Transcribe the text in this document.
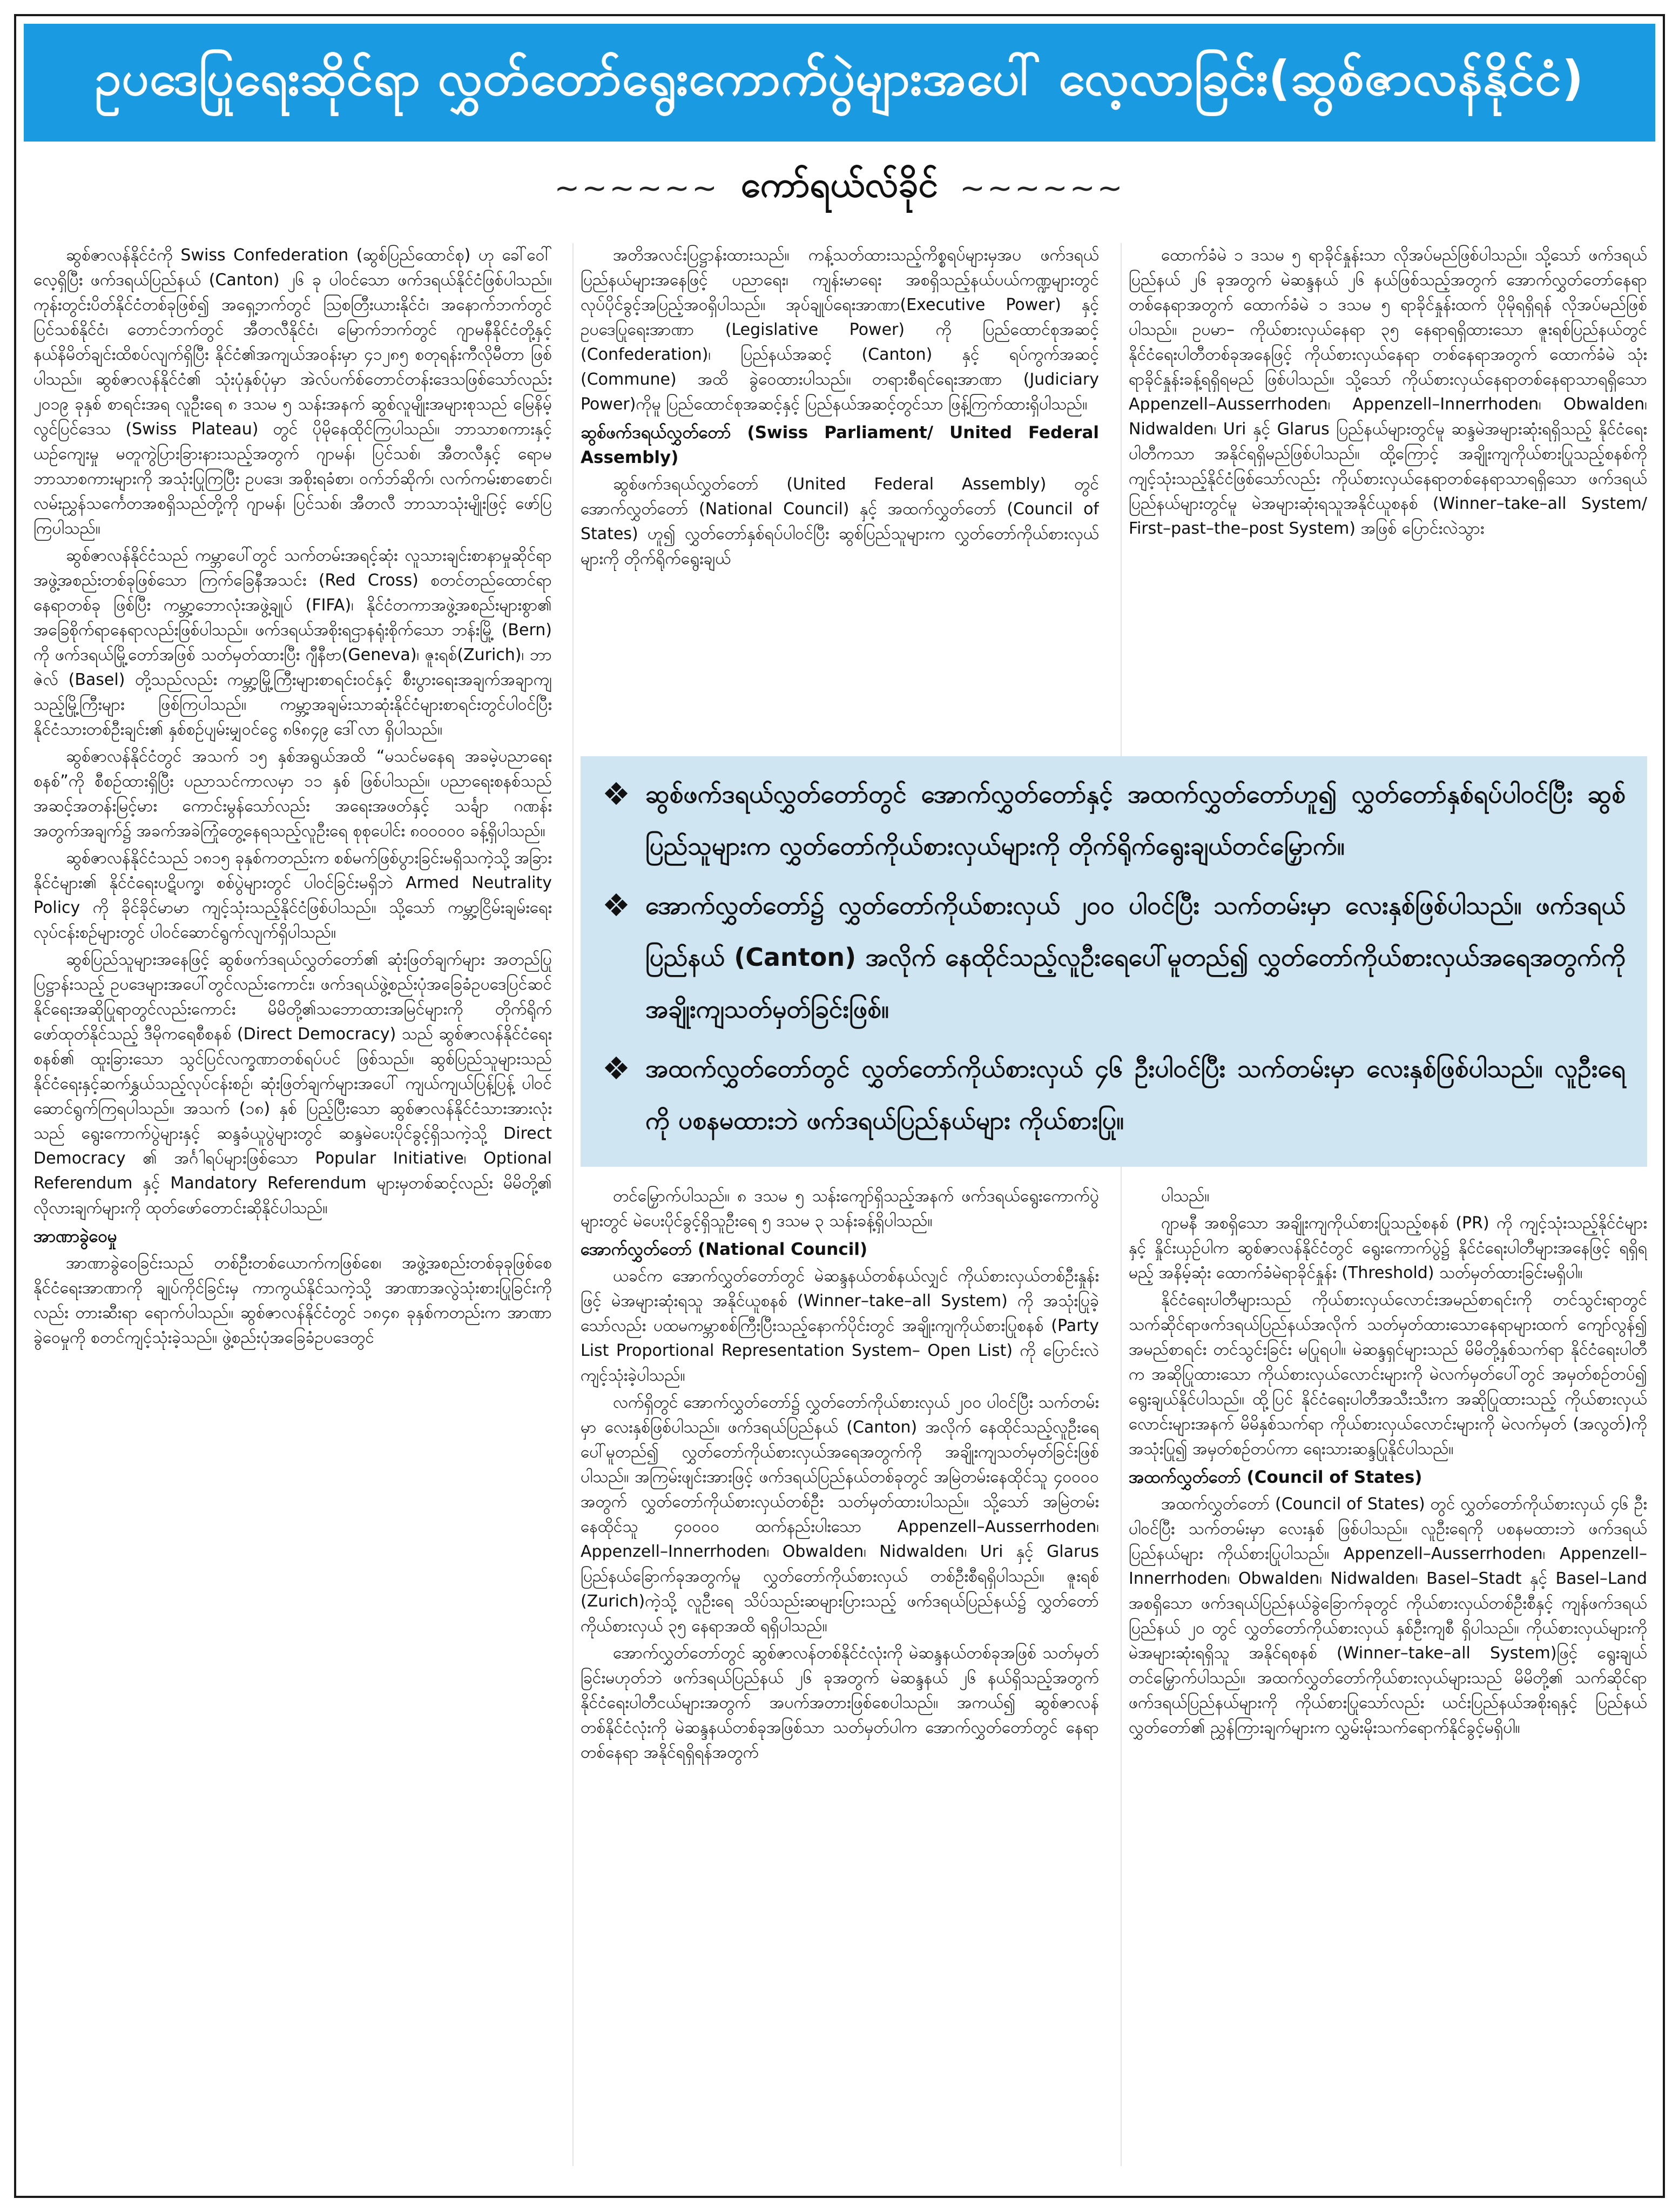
ဥပဒေပြုရေးဆိုင်ရာ လွှတ်တော်ရွေးကောက်ပွဲများအပေါ် လေ့လာခြင်း(ဆွစ်ဇာလန်နိုင်ငံ)
~~~~~~ ကော်ရယ်လ်ခိုင် ~~~~~~

ဆွစ်ဇာလန်နိုင်ငံကို Swiss Confederation (ဆွစ်ပြည်ထောင်စု) ဟု ခေါ်ဝေါ်လေ့ရှိပြီး ဖက်ဒရယ်ပြည်နယ် (Canton) ၂၆ ခု ပါဝင်သော ဖက်ဒရယ်နိုင်ငံဖြစ်ပါသည်။ ကုန်းတွင်းပိတ်နိုင်ငံတစ်ခုဖြစ်၍ အရှေ့ဘက်တွင် ဩစတြီးယားနိုင်ငံ၊ အနောက်ဘက်တွင် ပြင်သစ်နိုင်ငံ၊ တောင်ဘက်တွင် အီတလီနိုင်ငံ၊ မြောက်ဘက်တွင် ဂျာမနီနိုင်ငံတို့နှင့် နယ်နိမိတ်ချင်းထိစပ်လျက်ရှိပြီး နိုင်ငံ၏အကျယ်အဝန်းမှာ ၄၁၂၈၅ စတုရန်းကီလိုမီတာ ဖြစ်ပါသည်။ ဆွစ်ဇာလန်နိုင်ငံ၏ သုံးပုံနှစ်ပုံမှာ အဲလ်ပက်စ်တောင်တန်းဒေသဖြစ်သော်လည်း ၂၀၁၉ ခုနှစ် စာရင်းအရ လူဦးရေ ၈ ဒသမ ၅ သန်းအနက် ဆွစ်လူမျိုးအများစုသည် မြေနိမ့် လွင်ပြင်ဒေသ (Swiss Plateau) တွင် ပိုမိုနေထိုင်ကြပါသည်။ ဘာသာစကားနှင့်ယဉ်ကျေးမှု မတူကွဲပြားခြားနားသည့်အတွက် ဂျာမန်၊ ပြင်သစ်၊ အီတလီနှင့် ရောမဘာသာစကားများကို အသုံးပြုကြပြီး ဥပဒေ၊ အစိုးရခံစာ၊ ဝက်ဘ်ဆိုက်၊ လက်ကမ်းစာစောင်၊ လမ်းညွှန်သင်္ကေတအစရှိသည်တို့ကို ဂျာမန်၊ ပြင်သစ်၊ အီတလီ ဘာသာသုံးမျိုးဖြင့် ဖော်ပြကြပါသည်။

ဆွစ်ဇာလန်နိုင်ငံသည် ကမ္ဘာပေါ်တွင် သက်တမ်းအရင့်ဆုံး လူသားချင်းစာနာမှုဆိုင်ရာ အဖွဲ့အစည်းတစ်ခုဖြစ်သော ကြက်ခြေနီအသင်း (Red Cross) စတင်တည်ထောင်ရာနေရာတစ်ခု ဖြစ်ပြီး ကမ္ဘာ့ဘောလုံးအဖွဲ့ချုပ် (FIFA)၊ နိုင်ငံတကာအဖွဲ့အစည်းများစွာ၏ အခြေစိုက်ရာနေရာလည်းဖြစ်ပါသည်။ ဖက်ဒရယ်အစိုးရဌာနရုံးစိုက်သော ဘန်းမြို့ (Bern) ကို ဖက်ဒရယ်မြို့တော်အဖြစ် သတ်မှတ်ထားပြီး ဂျီနီဗာ(Geneva)၊ ဇူးရစ်(Zurich)၊ ဘာဇဲလ် (Basel) တို့သည်လည်း ကမ္ဘာ့မြို့ကြီးများစာရင်းဝင်နှင့် စီးပွားရေးအချက်အချာကျသည့်မြို့ကြီးများ ဖြစ်ကြပါသည်။ ကမ္ဘာ့အချမ်းသာဆုံးနိုင်ငံများစာရင်းတွင်ပါဝင်ပြီး နိုင်ငံသားတစ်ဦးချင်း၏ နှစ်စဉ်ပျမ်းမျှဝင်ငွေ ၈၆၈၄၉ ဒေါ်လာ ရှိပါသည်။

ဆွစ်ဇာလန်နိုင်ငံတွင် အသက် ၁၅ နှစ်အရွယ်အထိ “မသင်မနေရ အခမဲ့ပညာရေးစနစ်”ကို စီစဉ်ထားရှိပြီး ပညာသင်ကာလမှာ ၁၁ နှစ် ဖြစ်ပါသည်။ ပညာရေးစနစ်သည် အဆင့်အတန်းမြင့်မား ကောင်းမွန်သော်လည်း အရေးအဖတ်နှင့် သင်္ချာ ဂဏန်းအတွက်အချက်၌ အခက်အခဲကြုံတွေ့နေရသည့်လူဦးရေ စုစုပေါင်း ၈၀၀၀၀၀ ခန့်ရှိပါသည်။

ဆွစ်ဇာလန်နိုင်ငံသည် ၁၈၁၅ ခုနှစ်ကတည်းက စစ်မက်ဖြစ်ပွားခြင်းမရှိသကဲ့သို့ အခြားနိုင်ငံများ၏ နိုင်ငံရေးပဋိပက္ခ၊ စစ်ပွဲများတွင် ပါဝင်ခြင်းမရှိဘဲ Armed Neutrality Policy ကို ခိုင်ခိုင်မာမာ ကျင့်သုံးသည့်နိုင်ငံဖြစ်ပါသည်။ သို့သော် ကမ္ဘာ့ငြိမ်းချမ်းရေးလုပ်ငန်းစဉ်များတွင် ပါဝင်ဆောင်ရွက်လျက်ရှိပါသည်။

ဆွစ်ပြည်သူများအနေဖြင့် ဆွစ်ဖက်ဒရယ်လွှတ်တော်၏ ဆုံးဖြတ်ချက်များ အတည်ပြုပြဋ္ဌာန်းသည့် ဥပဒေများအပေါ်တွင်လည်းကောင်း၊ ဖက်ဒရယ်ဖွဲ့စည်းပုံအခြေခံဥပဒေပြင်ဆင်နိုင်ရေးအဆိုပြုရာတွင်လည်းကောင်း မိမိတို့၏သဘောထားအမြင်များကို တိုက်ရိုက်ဖော်ထုတ်နိုင်သည့် ဒီမိုကရေစီစနစ် (Direct Democracy) သည် ဆွစ်ဇာလန်နိုင်ငံရေးစနစ်၏ ထူးခြားသော သွင်ပြင်လက္ခဏာတစ်ရပ်ပင် ဖြစ်သည်။ ဆွစ်ပြည်သူများသည် နိုင်ငံရေးနှင့်ဆက်နွှယ်သည့်လုပ်ငန်းစဉ်၊ ဆုံးဖြတ်ချက်များအပေါ် ကျယ်ကျယ်ပြန့်ပြန့် ပါဝင်ဆောင်ရွက်ကြရပါသည်။ အသက် (၁၈) နှစ် ပြည့်ပြီးသော ဆွစ်ဇာလန်နိုင်ငံသားအားလုံးသည် ရွေးကောက်ပွဲများနှင့် ဆန္ဒခံယူပွဲများတွင် ဆန္ဒမဲပေးပိုင်ခွင့်ရှိသကဲ့သို့ Direct Democracy ၏ အင်္ဂါရပ်များဖြစ်သော Popular Initiative၊ Optional Referendum နှင့် Mandatory Referendum များမှတစ်ဆင့်လည်း မိမိတို့၏ လိုလားချက်များကို ထုတ်ဖော်တောင်းဆိုနိုင်ပါသည်။

အာဏာခွဲဝေမှု

အာဏာခွဲဝေခြင်းသည် တစ်ဦးတစ်ယောက်ကဖြစ်စေ၊ အဖွဲ့အစည်းတစ်ခုခုဖြစ်စေ နိုင်ငံရေးအာဏာကို ချုပ်ကိုင်ခြင်းမှ ကာကွယ်နိုင်သကဲ့သို့ အာဏာအလွဲသုံးစားပြုခြင်းကိုလည်း တားဆီးရာ ရောက်ပါသည်။ ဆွစ်ဇာလန်နိုင်ငံတွင် ၁၈၄၈ ခုနှစ်ကတည်းက အာဏာခွဲဝေမှုကို စတင်ကျင့်သုံးခဲ့သည်။ ဖွဲ့စည်းပုံအခြေခံဥပဒေတွင်

အတိအလင်းပြဋ္ဌာန်းထားသည်။ ကန့်သတ်ထားသည့်ကိစ္စရပ်များမှအပ ဖက်ဒရယ်ပြည်နယ်များအနေဖြင့် ပညာရေး၊ ကျန်းမာရေး အစရှိသည့်နယ်ပယ်ကဏ္ဍများတွင် လုပ်ပိုင်ခွင့်အပြည့်အဝရှိပါသည်။ အုပ်ချုပ်ရေးအာဏာ(Executive Power) နှင့် ဥပဒေပြုရေးအာဏာ (Legislative Power) ကို ပြည်ထောင်စုအဆင့် (Confederation)၊ ပြည်နယ်အဆင့် (Canton) နှင့် ရပ်ကွက်အဆင့် (Commune) အထိ ခွဲဝေထားပါသည်။ တရားစီရင်ရေးအာဏာ (Judiciary Power)ကိုမူ ပြည်ထောင်စုအဆင့်နှင့် ပြည်နယ်အဆင့်တွင်သာ ဖြန့်ကြက်ထားရှိပါသည်။

ဆွစ်ဖက်ဒရယ်လွှတ်တော် (Swiss Parliament/ United Federal Assembly)

ဆွစ်ဖက်ဒရယ်လွှတ်တော် (United Federal Assembly) တွင် အောက်လွှတ်တော် (National Council) နှင့် အထက်လွှတ်တော် (Council of States) ဟူ၍ လွှတ်တော်နှစ်ရပ်ပါဝင်ပြီး ဆွစ်ပြည်သူများက လွှတ်တော်ကိုယ်စားလှယ်များကို တိုက်ရိုက်ရွေးချယ်

ထောက်ခံမဲ ၁ ဒသမ ၅ ရာခိုင်နှုန်းသာ လိုအပ်မည်ဖြစ်ပါသည်။ သို့သော် ဖက်ဒရယ်ပြည်နယ် ၂၆ ခုအတွက် မဲဆန္ဒနယ် ၂၆ နယ်ဖြစ်သည့်အတွက် အောက်လွှတ်တော်နေရာ တစ်နေရာအတွက် ထောက်ခံမဲ ၁ ဒသမ ၅ ရာခိုင်နှုန်းထက် ပိုမိုရရှိရန် လိုအပ်မည်ဖြစ်ပါသည်။ ဥပမာ– ကိုယ်စားလှယ်နေရာ ၃၅ နေရာရရှိထားသော ဇူးရစ်ပြည်နယ်တွင် နိုင်ငံရေးပါတီတစ်ခုအနေဖြင့် ကိုယ်စားလှယ်နေရာ တစ်နေရာအတွက် ထောက်ခံမဲ သုံးရာခိုင်နှုန်းခန့်ရရှိရမည် ဖြစ်ပါသည်။ သို့သော် ကိုယ်စားလှယ်နေရာတစ်နေရာသာရရှိသော Appenzell–Ausserrhoden၊ Appenzell–Innerrhoden၊ Obwalden၊ Nidwalden၊ Uri နှင့် Glarus ပြည်နယ်များတွင်မူ ဆန္ဒမဲအများဆုံးရရှိသည့် နိုင်ငံရေးပါတီကသာ အနိုင်ရရှိမည်ဖြစ်ပါသည်။ ထို့ကြောင့် အချိုးကျကိုယ်စားပြုသည့်စနစ်ကို ကျင့်သုံးသည့်နိုင်ငံဖြစ်သော်လည်း ကိုယ်စားလှယ်နေရာတစ်နေရာသာရရှိသော ဖက်ဒရယ်ပြည်နယ်များတွင်မူ မဲအများဆုံးရသူအနိုင်ယူစနစ် (Winner–take–all System/ First–past–the–post System) အဖြစ် ပြောင်းလဲသွား

❖ ဆွစ်ဖက်ဒရယ်လွှတ်တော်တွင် အောက်လွှတ်တော်နှင့် အထက်လွှတ်တော်ဟူ၍ လွှတ်တော်နှစ်ရပ်ပါဝင်ပြီး ဆွစ်ပြည်သူများက လွှတ်တော်ကိုယ်စားလှယ်များကို တိုက်ရိုက်ရွေးချယ်တင်မြှောက်။
❖ အောက်လွှတ်တော်၌ လွှတ်တော်ကိုယ်စားလှယ် ၂၀၀ ပါဝင်ပြီး သက်တမ်းမှာ လေးနှစ်ဖြစ်ပါသည်။ ဖက်ဒရယ်ပြည်နယ် (Canton) အလိုက် နေထိုင်သည့်လူဦးရေပေါ်မူတည်၍ လွှတ်တော်ကိုယ်စားလှယ်အရေအတွက်ကို အချိုးကျသတ်မှတ်ခြင်းဖြစ်။
❖ အထက်လွှတ်တော်တွင် လွှတ်တော်ကိုယ်စားလှယ် ၄၆ ဦးပါဝင်ပြီး သက်တမ်းမှာ လေးနှစ်ဖြစ်ပါသည်။ လူဦးရေကို ပစနမထားဘဲ ဖက်ဒရယ်ပြည်နယ်များ ကိုယ်စားပြု။

တင်မြှောက်ပါသည်။ ၈ ဒသမ ၅ သန်းကျော်ရှိသည့်အနက် ဖက်ဒရယ်ရွေးကောက်ပွဲများတွင် မဲပေးပိုင်ခွင့်ရှိသူဦးရေ ၅ ဒသမ ၃ သန်းခန့်ရှိပါသည်။

အောက်လွှတ်တော် (National Council)

ယခင်က အောက်လွှတ်တော်တွင် မဲဆန္ဒနယ်တစ်နယ်လျှင် ကိုယ်စားလှယ်တစ်ဦးနှုန်းဖြင့် မဲအများဆုံးရသူ အနိုင်ယူစနစ် (Winner–take–all System) ကို အသုံးပြုခဲ့သော်လည်း ပထမကမ္ဘာစစ်ကြီးပြီးသည့်နောက်ပိုင်းတွင် အချိုးကျကိုယ်စားပြုစနစ် (Party List Proportional Representation System– Open List) ကို ပြောင်းလဲကျင့်သုံးခဲ့ပါသည်။

လက်ရှိတွင် အောက်လွှတ်တော်၌ လွှတ်တော်ကိုယ်စားလှယ် ၂၀၀ ပါဝင်ပြီး သက်တမ်းမှာ လေးနှစ်ဖြစ်ပါသည်။ ဖက်ဒရယ်ပြည်နယ် (Canton) အလိုက် နေထိုင်သည့်လူဦးရေပေါ်မူတည်၍ လွှတ်တော်ကိုယ်စားလှယ်အရေအတွက်ကို အချိုးကျသတ်မှတ်ခြင်းဖြစ်ပါသည်။ အကြမ်းဖျင်းအားဖြင့် ဖက်ဒရယ်ပြည်နယ်တစ်ခုတွင် အမြဲတမ်းနေထိုင်သူ ၄၀၀၀၀ အတွက် လွှတ်တော်ကိုယ်စားလှယ်တစ်ဦး သတ်မှတ်ထားပါသည်။ သို့သော် အမြဲတမ်းနေထိုင်သူ ၄၀၀၀၀ ထက်နည်းပါးသော Appenzell–Ausserrhoden၊ Appenzell–Innerrhoden၊ Obwalden၊ Nidwalden၊ Uri နှင့် Glarus ပြည်နယ်ခြောက်ခုအတွက်မူ လွှတ်တော်ကိုယ်စားလှယ် တစ်ဦးစီရရှိပါသည်။ ဇူးရစ် (Zurich)ကဲ့သို့ လူဦးရေ သိပ်သည်းဆများပြားသည့် ဖက်ဒရယ်ပြည်နယ်၌ လွှတ်တော်ကိုယ်စားလှယ် ၃၅ နေရာအထိ ရရှိပါသည်။

အောက်လွှတ်တော်တွင် ဆွစ်ဇာလန်တစ်နိုင်ငံလုံးကို မဲဆန္ဒနယ်တစ်ခုအဖြစ် သတ်မှတ်ခြင်းမဟုတ်ဘဲ ဖက်ဒရယ်ပြည်နယ် ၂၆ ခုအတွက် မဲဆန္ဒနယ် ၂၆ နယ်ရှိသည့်အတွက် နိုင်ငံရေးပါတီငယ်များအတွက် အပက်အတားဖြစ်စေပါသည်။ အကယ်၍ ဆွစ်ဇာလန်တစ်နိုင်ငံလုံးကို မဲဆန္ဒနယ်တစ်ခုအဖြစ်သာ သတ်မှတ်ပါက အောက်လွှတ်တော်တွင် နေရာတစ်နေရာ အနိုင်ရရှိရန်အတွက်

ပါသည်။

ဂျာမနီ အစရှိသော အချိုးကျကိုယ်စားပြုသည့်စနစ် (PR) ကို ကျင့်သုံးသည့်နိုင်ငံများနှင့် နှိုင်းယှဉ်ပါက ဆွစ်ဇာလန်နိုင်ငံတွင် ရွေးကောက်ပွဲ၌ နိုင်ငံရေးပါတီများအနေဖြင့် ရရှိရမည့် အနိမ့်ဆုံး ထောက်ခံမဲရာခိုင်နှုန်း (Threshold) သတ်မှတ်ထားခြင်းမရှိပါ။

နိုင်ငံရေးပါတီများသည် ကိုယ်စားလှယ်လောင်းအမည်စာရင်းကို တင်သွင်းရာတွင် သက်ဆိုင်ရာဖက်ဒရယ်ပြည်နယ်အလိုက် သတ်မှတ်ထားသောနေရာများထက် ကျော်လွန်၍ အမည်စာရင်း တင်သွင်းခြင်း မပြုရပါ။ မဲဆန္ဒရှင်များသည် မိမိတို့နှစ်သက်ရာ နိုင်ငံရေးပါတီက အဆိုပြုထားသော ကိုယ်စားလှယ်လောင်းများကို မဲလက်မှတ်ပေါ်တွင် အမှတ်စဉ်တပ်၍ ရွေးချယ်နိုင်ပါသည်။ ထို့ပြင် နိုင်ငံရေးပါတီအသီးသီးက အဆိုပြုထားသည့် ကိုယ်စားလှယ်လောင်းများအနက် မိမိနှစ်သက်ရာ ကိုယ်စားလှယ်လောင်းများကို မဲလက်မှတ် (အလွတ်)ကိုအသုံးပြု၍ အမှတ်စဉ်တပ်ကာ ရေးသားဆန္ဒပြုနိုင်ပါသည်။

အထက်လွှတ်တော် (Council of States)

အထက်လွှတ်တော် (Council of States) တွင် လွှတ်တော်ကိုယ်စားလှယ် ၄၆ ဦးပါဝင်ပြီး သက်တမ်းမှာ လေးနှစ် ဖြစ်ပါသည်။ လူဦးရေကို ပစနမထားဘဲ ဖက်ဒရယ်ပြည်နယ်များ ကိုယ်စားပြုပါသည်။ Appenzell–Ausserrhoden၊ Appenzell–Innerrhoden၊ Obwalden၊ Nidwalden၊ Basel–Stadt နှင့် Basel–Land အစရှိသော ဖက်ဒရယ်ပြည်နယ်ခွဲခြောက်ခုတွင် ကိုယ်စားလှယ်တစ်ဦးစီနှင့် ကျန်ဖက်ဒရယ်ပြည်နယ် ၂၀ တွင် လွှတ်တော်ကိုယ်စားလှယ် နှစ်ဦးကျစီ ရှိပါသည်။ ကိုယ်စားလှယ်များကို မဲအများဆုံးရရှိသူ အနိုင်ရစနစ် (Winner–take–all System)ဖြင့် ရွေးချယ်တင်မြှောက်ပါသည်။ အထက်လွှတ်တော်ကိုယ်စားလှယ်များသည် မိမိတို့၏ သက်ဆိုင်ရာဖက်ဒရယ်ပြည်နယ်များကို ကိုယ်စားပြုသော်လည်း ယင်းပြည်နယ်အစိုးရနှင့် ပြည်နယ်လွှတ်တော်၏ ညွှန်ကြားချက်များက လွှမ်းမိုးသက်ရောက်နိုင်ခွင့်မရှိပါ။
